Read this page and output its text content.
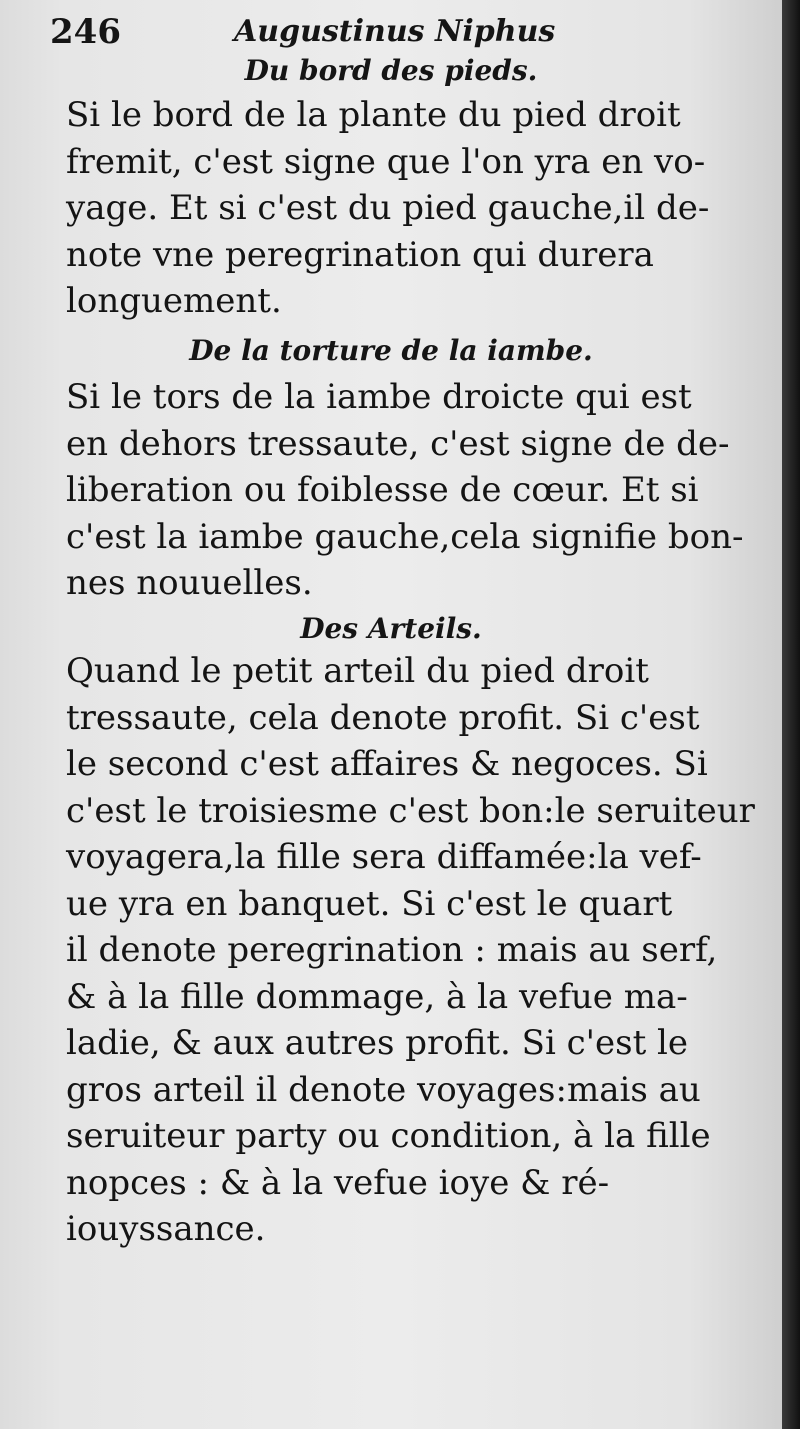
246	Augustinus Niphus
Du bord des pieds.
Si le bord de la plante du pied droit
fremit, c'est signe que l'on yra en vo-
yage. Et si c'est du pied gauche,il de-
note vne peregrination qui durera
longuement.
De la torture de la iambe.
Si le tors de la iambe droicte qui est
en dehors tressaute, c'est signe de de-
liberation ou foiblesse de cœur. Et si
c'est la iambe gauche,cela signifie bon-
nes nouuelles.
Des Arteils.
Quand le petit arteil du pied droit
tressaute, cela denote profit. Si c'est
le second c'est affaires & negoces. Si
c'est le troisiesme c'est bon:le seruiteur
voyagera,la fille sera diffamée:la vef-
ue yra en banquet. Si c'est le quart
il denote peregrination : mais au serf,
& à la fille dommage, à la vefue ma-
ladie, & aux autres profit. Si c'est le
gros arteil il denote voyages:mais au
seruiteur party ou condition, à la fille
nopces : & à la vefue ioye & ré-
iouyssance.
